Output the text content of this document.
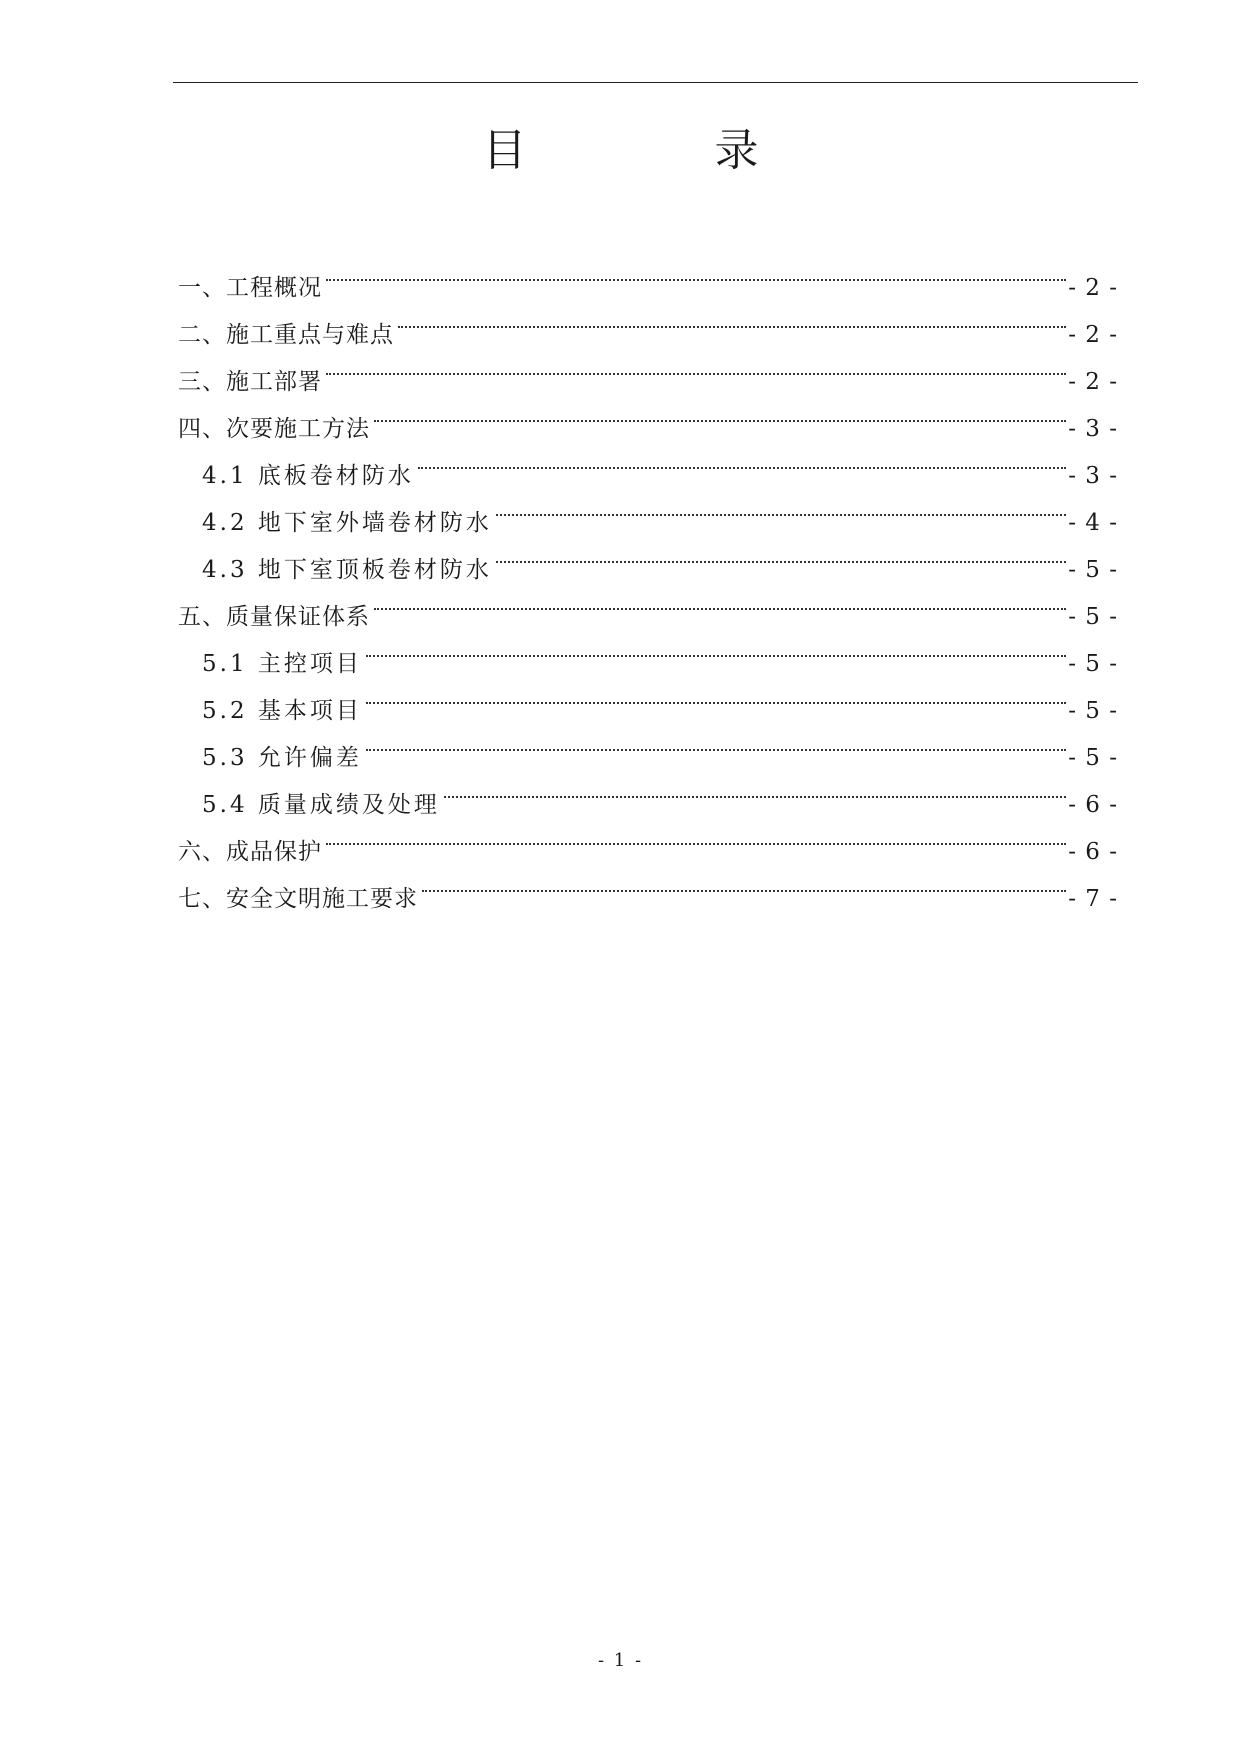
目　录
一、工程概况	- 2 -
二、施工重点与难点	- 2 -
三、施工部署	- 2 -
四、次要施工方法	- 3 -
4.1 底板卷材防水	- 3 -
4.2 地下室外墙卷材防水	- 4 -
4.3 地下室顶板卷材防水	- 5 -
五、质量保证体系	- 5 -
5.1 主控项目	- 5 -
5.2 基本项目	- 5 -
5.3 允许偏差	- 5 -
5.4 质量成绩及处理	- 6 -
六、成品保护	- 6 -
七、安全文明施工要求	- 7 -
- 1 -
